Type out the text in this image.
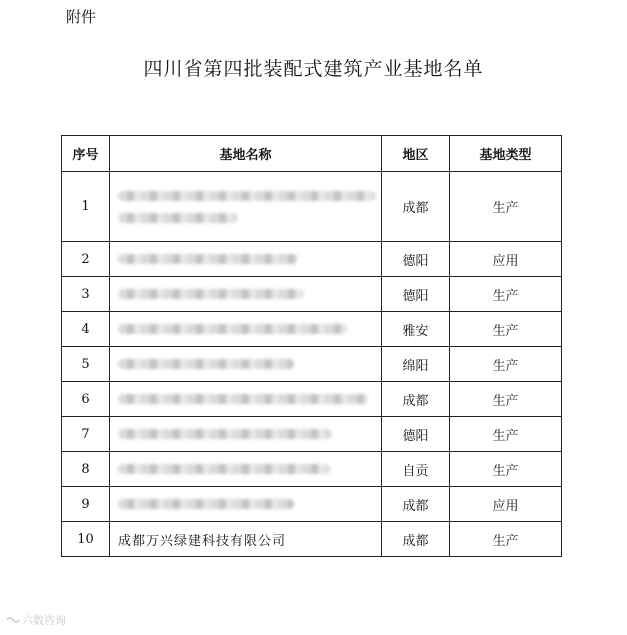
附件
四川省第四批装配式建筑产业基地名单
序号	基地名称	地区	基地类型
1		成都	生产
2		德阳	应用
3		德阳	生产
4		雅安	生产
5		绵阳	生产
6		成都	生产
7		德阳	生产
8		自贡	生产
9		成都	应用
10	成都万兴绿建科技有限公司	成都	生产
六数咨询
